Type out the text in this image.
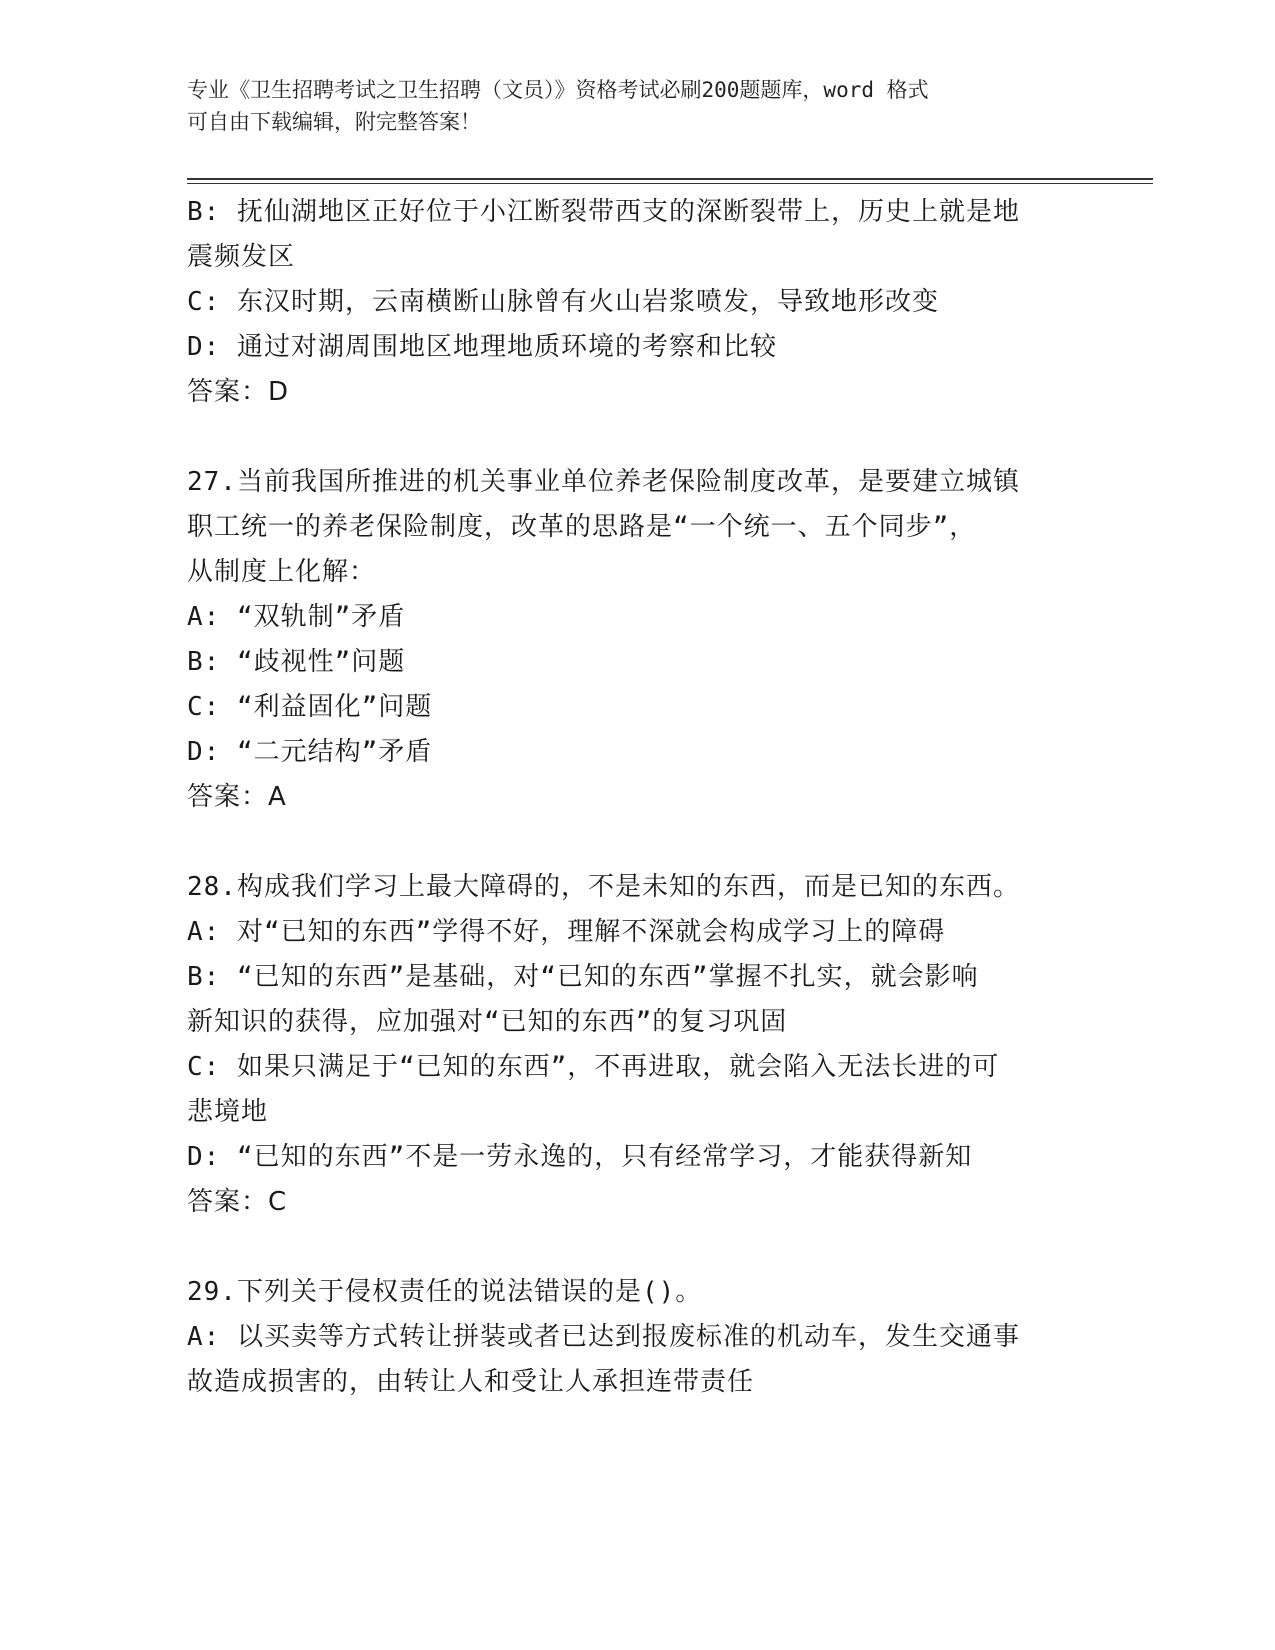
专业《卫生招聘考试之卫生招聘（文员）》资格考试必刷200题题库，word 格式
可自由下载编辑，附完整答案！
B: 抚仙湖地区正好位于小江断裂带西支的深断裂带上，历史上就是地
震频发区
C: 东汉时期，云南横断山脉曾有火山岩浆喷发，导致地形改变
D: 通过对湖周围地区地理地质环境的考察和比较
答案：D
27.当前我国所推进的机关事业单位养老保险制度改革，是要建立城镇
职工统一的养老保险制度，改革的思路是“一个统一、五个同步”，
从制度上化解：
A: “双轨制”矛盾
B: “歧视性”问题
C: “利益固化”问题
D: “二元结构”矛盾
答案：A
28.构成我们学习上最大障碍的，不是未知的东西，而是已知的东西。
A: 对“已知的东西”学得不好，理解不深就会构成学习上的障碍
B: “已知的东西”是基础，对“已知的东西”掌握不扎实，就会影响
新知识的获得，应加强对“已知的东西”的复习巩固
C: 如果只满足于“已知的东西”，不再进取，就会陷入无法长进的可
悲境地
D: “已知的东西”不是一劳永逸的，只有经常学习，才能获得新知
答案：C
29.下列关于侵权责任的说法错误的是()。
A: 以买卖等方式转让拼装或者已达到报废标准的机动车，发生交通事
故造成损害的，由转让人和受让人承担连带责任
